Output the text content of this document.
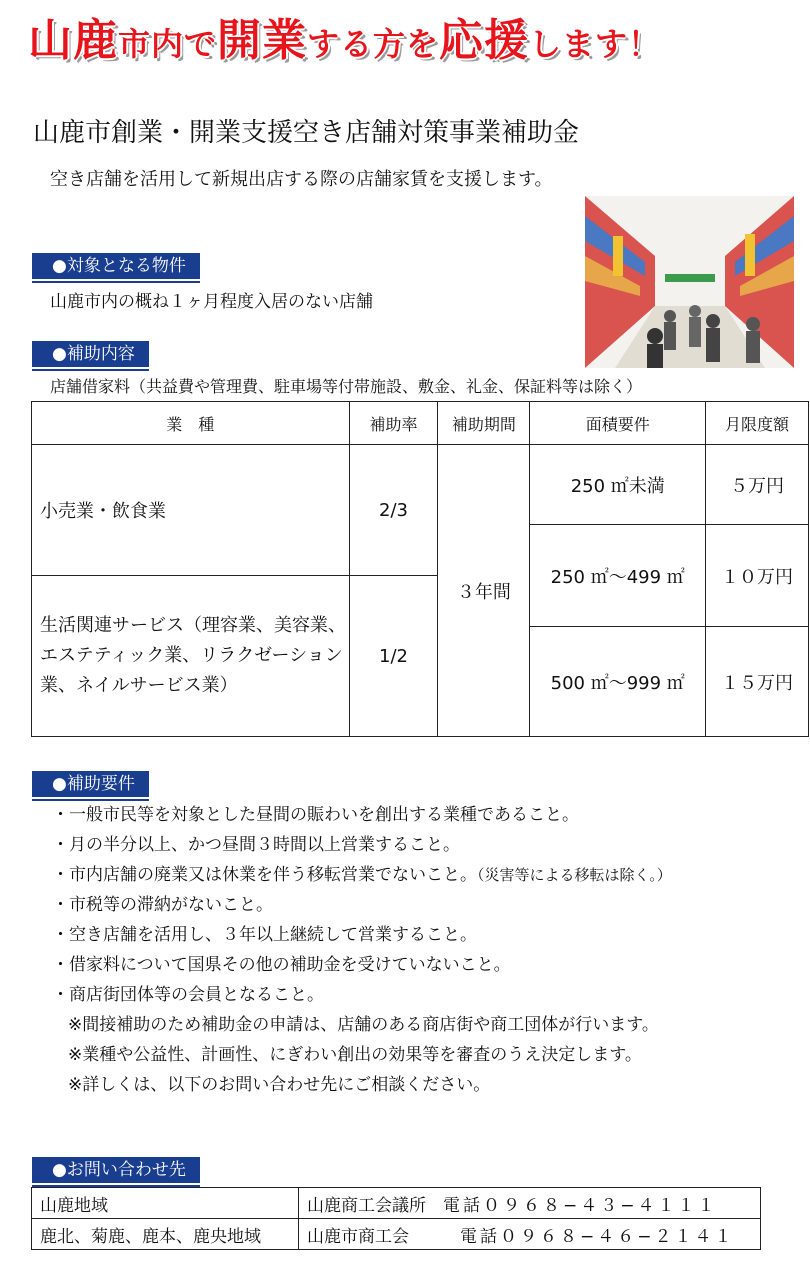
山鹿市内で開業する方を応援します！
山鹿市創業・開業支援空き店舗対策事業補助金
空き店舗を活用して新規出店する際の店舗家賃を支援します。
●対象となる物件
山鹿市内の概ね１ヶ月程度入居のない店舗
●補助内容
店舗借家料（共益費や管理費、駐車場等付帯施設、敷金、礼金、保証料等は除く）
業　種	補助率	補助期間	面積要件	月限度額
小売業・飲食業	2/3	３年間	250 ㎡未満	５万円
			250 ㎡～499 ㎡	１０万円
生活関連サービス（理容業、美容業、エステティック業、リラクゼーション業、ネイルサービス業）	1/2			
			500 ㎡～999 ㎡	１５万円
●補助要件
・一般市民等を対象とした昼間の賑わいを創出する業種であること。
・月の半分以上、かつ昼間３時間以上営業すること。
・市内店舗の廃業又は休業を伴う移転営業でないこと。（災害等による移転は除く。）
・市税等の滞納がないこと。
・空き店舗を活用し、３年以上継続して営業すること。
・借家料について国県その他の補助金を受けていないこと。
・商店街団体等の会員となること。
※間接補助のため補助金の申請は、店舗のある商店街や商工団体が行います。
※業種や公益性、計画性、にぎわい創出の効果等を審査のうえ決定します。
※詳しくは、以下のお問い合わせ先にご相談ください。
●お問い合わせ先
山鹿地域	山鹿商工会議所　 電話０９６８−４３−４１１１
鹿北、菊鹿、鹿本、鹿央地域	山鹿市商工会　　　 電話０９６８−４６−２１４１
